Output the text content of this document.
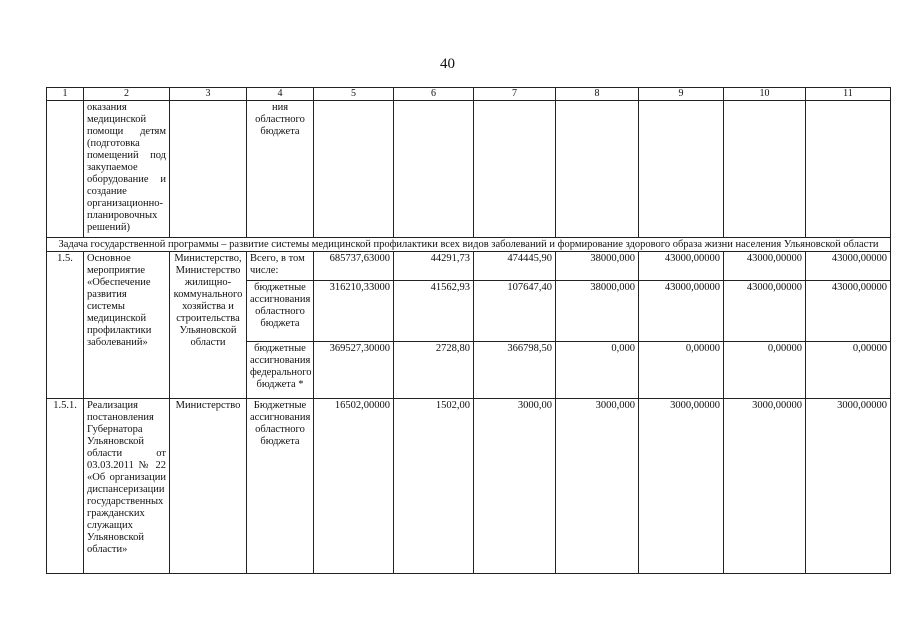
40
1	2	3	4	5	6	7	8	9	10	11
	оказания медицинской помощи детям (подготовка помещений под закупаемое оборудование и создание организационно-планировочных решений)		ния областного бюджета							
Задача государственной программы – развитие системы медицинской профилактики всех видов заболеваний и формирование здорового образа жизни населения Ульяновской области										
1.5.	Основное мероприятие «Обеспечение развития системы медицинской профилактики заболеваний»	Министерство, Министерство жилищно-коммунального хозяйства и строительства Ульяновской области	Всего, в том числе:	685737,63000	44291,73	474445,90	38000,000	43000,00000	43000,00000	43000,00000
			бюджетные ассигнования областного бюджета	316210,33000	41562,93	107647,40	38000,000	43000,00000	43000,00000	43000,00000
			бюджетные ассигнования федерального бюджета *	369527,30000	2728,80	366798,50	0,000	0,00000	0,00000	0,00000
1.5.1.	Реализация постановления Губернатора Ульяновской области от 03.03.2011 № 22 «Об организации диспансеризации государственных гражданских служащих Ульяновской области»	Министерство	Бюджетные ассигнования областного бюджета	16502,00000	1502,00	3000,00	3000,000	3000,00000	3000,00000	3000,00000
